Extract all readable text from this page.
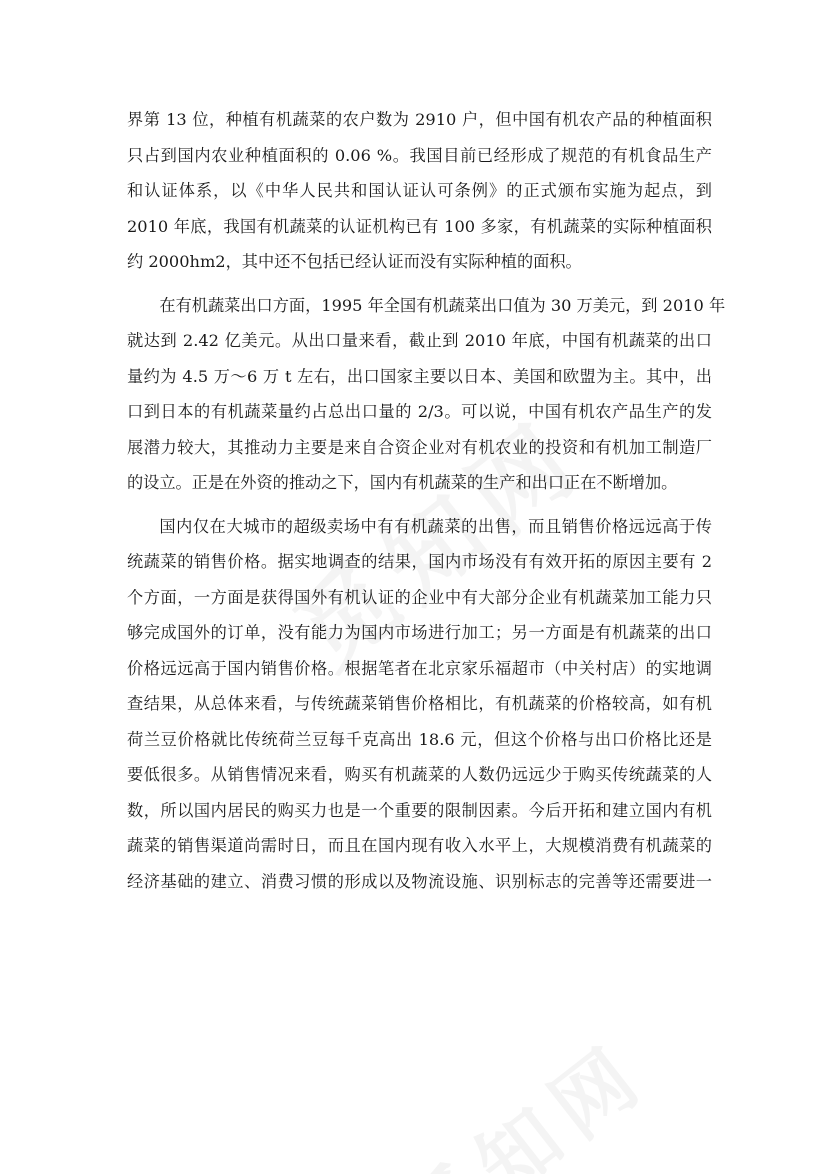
界第 13 位，种植有机蔬菜的农户数为 2910 户，但中国有机农产品的种植面积
只占到国内农业种植面积的 0.06 %。我国目前已经形成了规范的有机食品生产
和认证体系，以《中华人民共和国认证认可条例》的正式颁布实施为起点，到
2010 年底，我国有机蔬菜的认证机构已有 100 多家，有机蔬菜的实际种植面积
约 2000hm2，其中还不包括已经认证而没有实际种植的面积。

在有机蔬菜出口方面，1995 年全国有机蔬菜出口值为 30 万美元，到 2010 年
就达到 2.42 亿美元。从出口量来看，截止到 2010 年底，中国有机蔬菜的出口
量约为 4.5 万～6 万 t 左右，出口国家主要以日本、美国和欧盟为主。其中，出
口到日本的有机蔬菜量约占总出口量的 2/3。可以说，中国有机农产品生产的发
展潜力较大，其推动力主要是来自合资企业对有机农业的投资和有机加工制造厂
的设立。正是在外资的推动之下，国内有机蔬菜的生产和出口正在不断增加。

国内仅在大城市的超级卖场中有有机蔬菜的出售，而且销售价格远远高于传
统蔬菜的销售价格。据实地调查的结果，国内市场没有有效开拓的原因主要有 2
个方面，一方面是获得国外有机认证的企业中有大部分企业有机蔬菜加工能力只
够完成国外的订单，没有能力为国内市场进行加工；另一方面是有机蔬菜的出口
价格远远高于国内销售价格。根据笔者在北京家乐福超市（中关村店）的实地调
查结果，从总体来看，与传统蔬菜销售价格相比，有机蔬菜的价格较高，如有机
荷兰豆价格就比传统荷兰豆每千克高出 18.6 元，但这个价格与出口价格比还是
要低很多。从销售情况来看，购买有机蔬菜的人数仍远远少于购买传统蔬菜的人
数，所以国内居民的购买力也是一个重要的限制因素。今后开拓和建立国内有机
蔬菜的销售渠道尚需时日，而且在国内现有收入水平上，大规模消费有机蔬菜的
经济基础的建立、消费习惯的形成以及物流设施、识别标志的完善等还需要进一
